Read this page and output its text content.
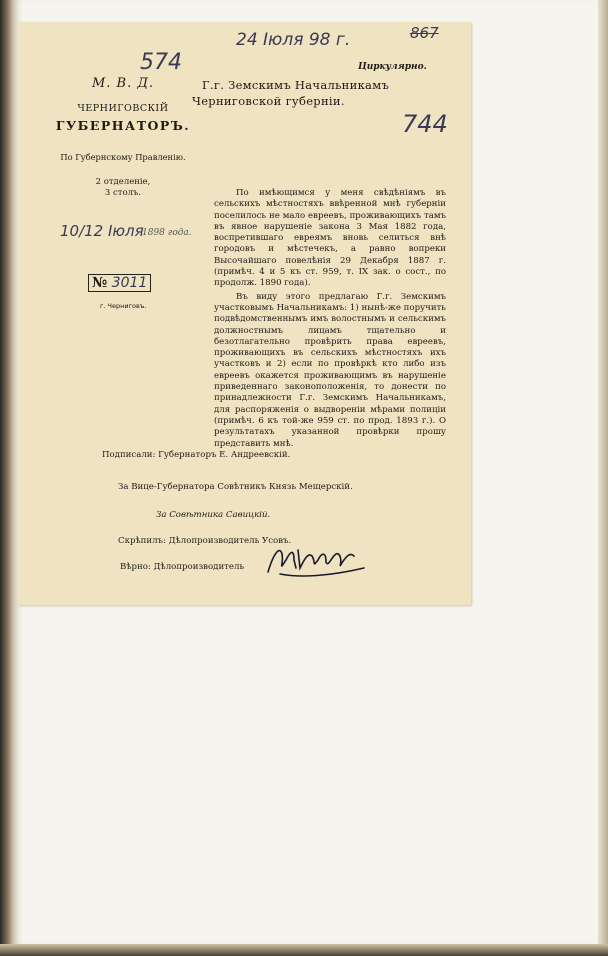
24 Iюля 98 г.	867
574
744
Циркулярно.
М. В. Д.
ЧЕРНИГОВСКІЙ
ГУБЕРНАТОРЪ.
По Губернскому Правленію.
2 отделеніе,
3 столъ.
10/12 Iюля
1898 года.
№ 3011
г. Черниговъ.
Г.г. Земскимъ Начальникамъ
Черниговской губерніи.

По имѣющимся у меня свѣдѣніямъ въ сельскихъ мѣстностяхъ ввѣренной мнѣ губерніи поселилось не мало евреевъ, проживающихъ тамъ въ явное нарушеніе закона 3 Мая 1882 года, воспретившаго евреямъ вновь селиться внѣ городовъ и мѣстечекъ, а равно вопреки Высочайшаго повелѣнія 29 Декабря 1887 г. (примѣч. 4 и 5 къ ст. 959, т. IX зак. о сост., по продолж. 1890 года).

Въ виду этого предлагаю Г.г. Земскимъ участковымъ Начальникамъ: 1) нынѣ-же поручить подвѣдомственнымъ имъ волостнымъ и сельскимъ должностнымъ лицамъ тщательно и безотлагательно провѣрить права евреевъ, проживающихъ въ сельскихъ мѣстностяхъ ихъ участковъ и 2) если по провѣркѣ кто либо изъ евреевъ окажется проживающимъ въ нарушеніе приведеннаго законоположенія, то донести по принадлежности Г.г. Земскимъ Начальникамъ, для распоряженія о выдвореніи мѣрами полиціи (примѣч. 6 къ той-же 959 ст. по прод. 1893 г.). О результатахъ указанной провѣрки прошу представить мнѣ.

Подписали: Губернаторъ Е. Андреевскій.
За Вице-Губернатора Совѣтникъ Князь Мещерскій.
За Совѣтника Савицкій.
Скрѣпилъ: Дѣлопроизводитель Усовъ.
Вѣрно: Дѣлопроизводитель
